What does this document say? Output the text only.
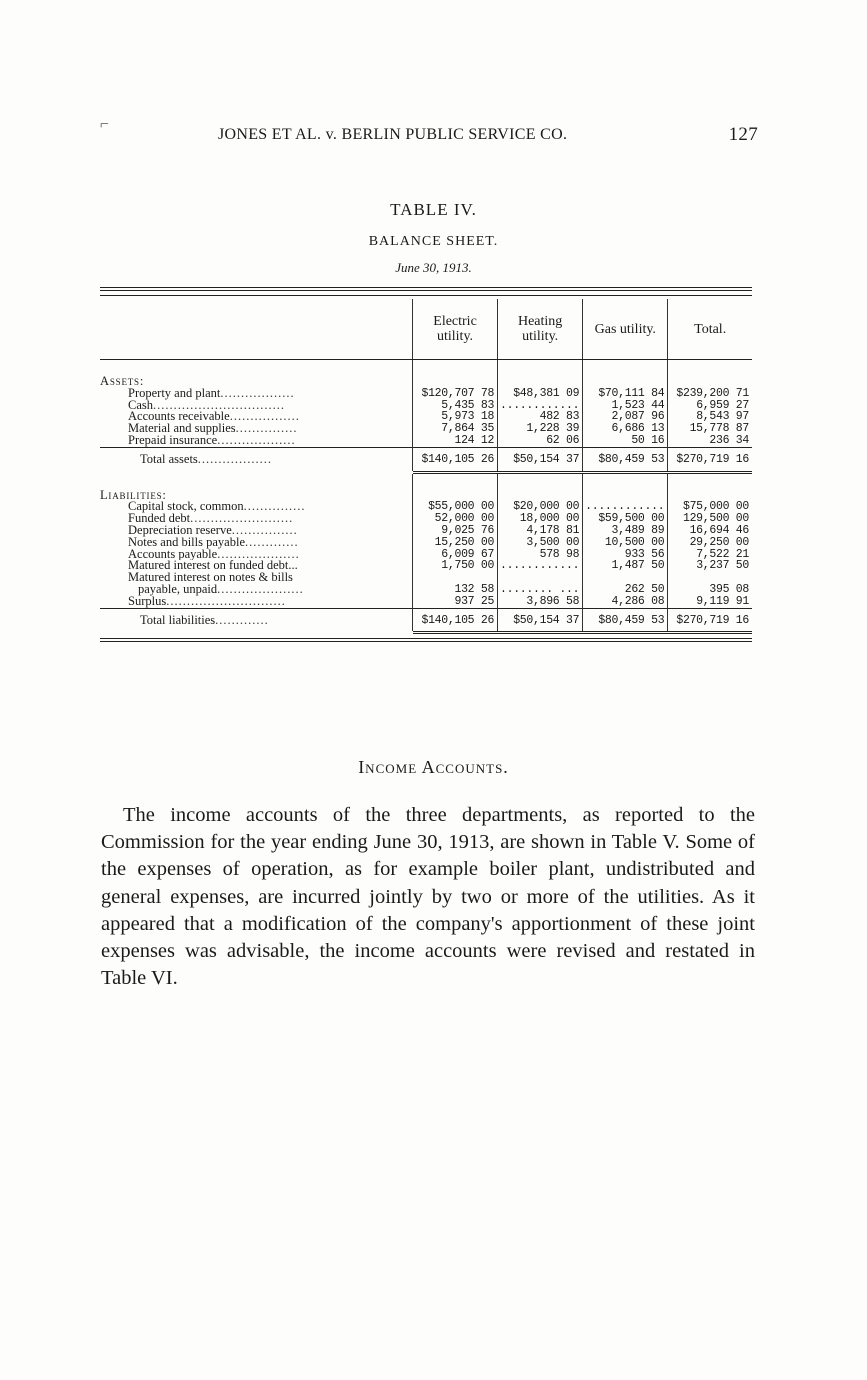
⌐
JONES ET AL. v. BERLIN PUBLIC SERVICE CO.	127
TABLE IV.
BALANCE SHEET.
June 30, 1913.
	Electric utility.	Heating utility.	Gas utility.	Total.

Assets:				
Property and plant..................	$120,707 78	$48,381 09	$70,111 84	$239,200 71
Cash................................	5,435 83	............	1,523 44	6,959 27
Accounts receivable.................	5,973 18	482 83	2,087 96	8,543 97
Material and supplies...............	7,864 35	1,228 39	6,686 13	15,778 87
Prepaid insurance...................	124 12	62 06	50 16	236 34
Total assets..................	$140,105 26	$50,154 37	$80,459 53	$270,719 16

Liabilities:				
Capital stock, common...............	$55,000 00	$20,000 00	............	$75,000 00
Funded debt.........................	52,000 00	18,000 00	$59,500 00	129,500 00
Depreciation reserve................	9,025 76	4,178 81	3,489 89	16,694 46
Notes and bills payable.............	15,250 00	3,500 00	10,500 00	29,250 00
Accounts payable....................	6,009 67	578 98	933 56	7,522 21
Matured interest on funded debt...	1,750 00	............	1,487 50	3,237 50
Matured interest on notes & bills				
payable, unpaid.....................	132 58	........ ...	262 50	395 08
Surplus.............................	937 25	3,896 58	4,286 08	9,119 91
Total liabilities.............	$140,105 26	$50,154 37	$80,459 53	$270,719 16
Income Accounts.
The income accounts of the three departments, as reported to the Commission for the year ending June 30, 1913, are shown in Table V. Some of the expenses of operation, as for example boiler plant, undistributed and general expenses, are incurred jointly by two or more of the utilities. As it appeared that a modification of the company's apportionment of these joint expenses was advisable, the income accounts were revised and restated in Table VI.
